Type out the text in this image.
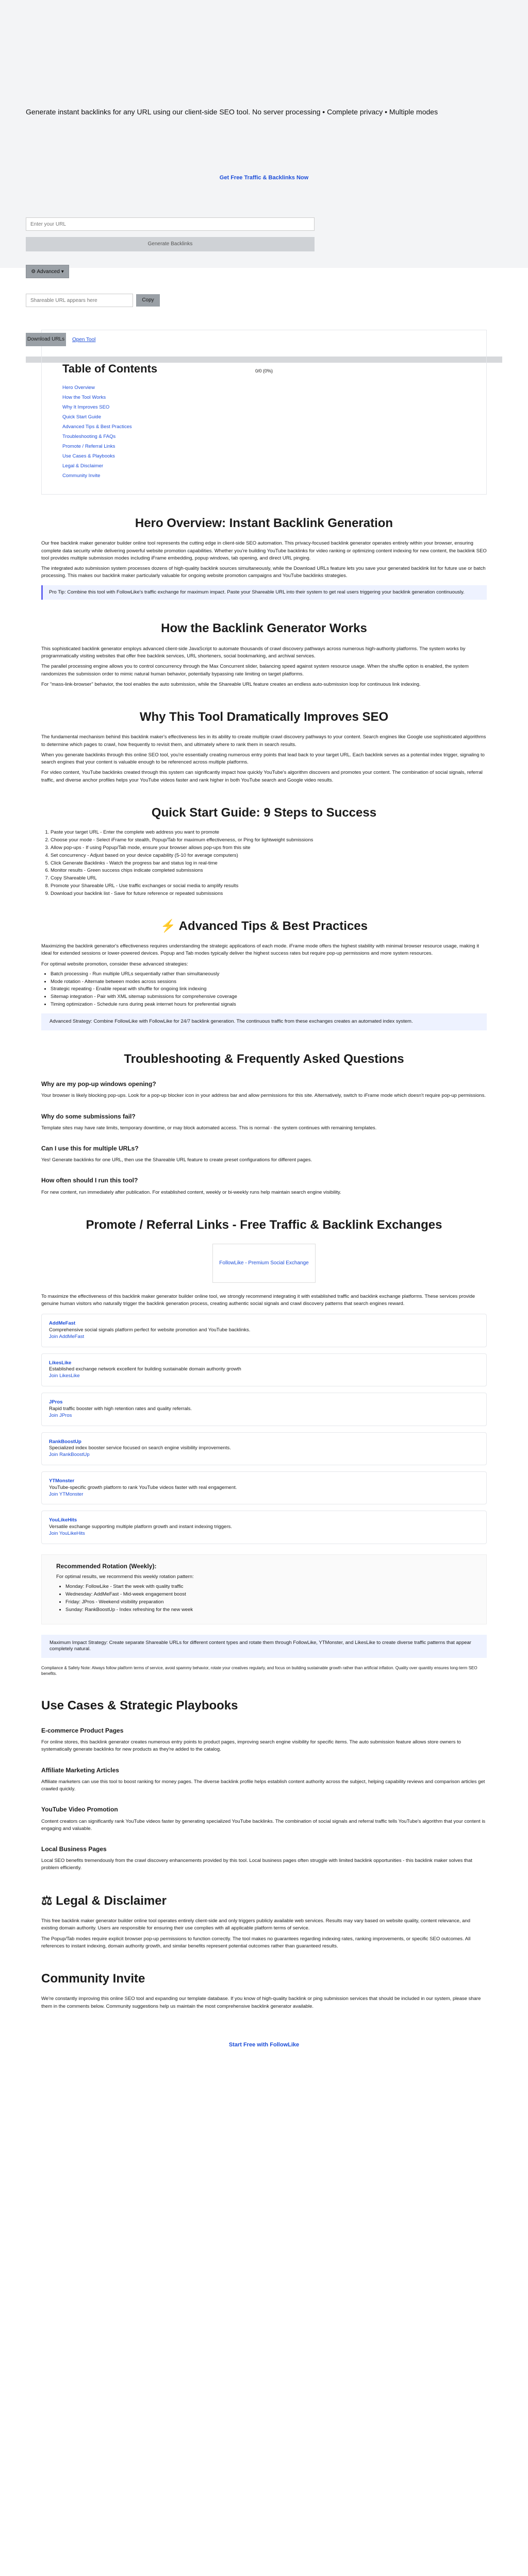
Generate instant backlinks for any URL using our client-side SEO tool. No server processing • Complete privacy • Multiple modes
Get Free Traffic & Backlinks Now
Enter your URL
Generate Backlinks
⚙ Advanced ▾
Shareable URL appears here
Copy
Download URLs Open Tool
0/0 (0%)
Table of Contents
Hero Overview
How the Tool Works
Why It Improves SEO
Quick Start Guide
Advanced Tips & Best Practices
Troubleshooting & FAQs
Promote / Referral Links
Use Cases & Playbooks
Legal & Disclaimer
Community Invite
Hero Overview: Instant Backlink Generation

Our free backlink maker generator builder online tool represents the cutting edge in client-side SEO automation. This privacy-focused backlink generator operates entirely within your browser, ensuring complete data security while delivering powerful website promotion capabilities. Whether you're building YouTube backlinks for video ranking or optimizing content indexing for new content, the backlink SEO tool provides multiple submission modes including iFrame embedding, popup windows, tab opening, and direct URL pinging.

The integrated auto submission system processes dozens of high-quality backlink sources simultaneously, while the Download URLs feature lets you save your generated backlink list for future use or batch processing. This makes our backlink maker particularly valuable for ongoing website promotion campaigns and YouTube backlinks strategies.

Pro Tip: Combine this tool with FollowLike's traffic exchange for maximum impact. Paste your Shareable URL into their system to get real users triggering your backlink generation continuously.
How the Backlink Generator Works

This sophisticated backlink generator employs advanced client-side JavaScript to automate thousands of crawl discovery pathways across numerous high-authority platforms. The system works by programmatically visiting websites that offer free backlink services, URL shorteners, social bookmarking, and archival services.

The parallel processing engine allows you to control concurrency through the Max Concurrent slider, balancing speed against system resource usage. When the shuffle option is enabled, the system randomizes the submission order to mimic natural human behavior, potentially bypassing rate limiting on target platforms.

For "mass-link-browser" behavior, the tool enables the auto submission, while the Shareable URL feature creates an endless auto-submission loop for continuous link indexing.

Why This Tool Dramatically Improves SEO

The fundamental mechanism behind this backlink maker's effectiveness lies in its ability to create multiple crawl discovery pathways to your content. Search engines like Google use sophisticated algorithms to determine which pages to crawl, how frequently to revisit them, and ultimately where to rank them in search results.

When you generate backlinks through this online SEO tool, you're essentially creating numerous entry points that lead back to your target URL. Each backlink serves as a potential index trigger, signaling to search engines that your content is valuable enough to be referenced across multiple platforms.

For video content, YouTube backlinks created through this system can significantly impact how quickly YouTube's algorithm discovers and promotes your content. The combination of social signals, referral traffic, and diverse anchor profiles helps your YouTube videos faster and rank higher in both YouTube search and Google video results.

Quick Start Guide: 9 Steps to Success
1. Paste your target URL - Enter the complete web address you want to promote
2. Choose your mode - Select iFrame for stealth, Popup/Tab for maximum effectiveness, or Ping for lightweight submissions
3. Allow pop-ups - If using Popup/Tab mode, ensure your browser allows pop-ups from this site
4. Set concurrency - Adjust based on your device capability (5-10 for average computers)
5. Click Generate Backlinks - Watch the progress bar and status log in real-time
6. Monitor results - Green success chips indicate completed submissions
7. Copy Shareable URL
8. Promote your Shareable URL - Use traffic exchanges or social media to amplify results
9. Download your backlink list - Save for future reference or repeated submissions
⚡ Advanced Tips & Best Practices

Maximizing the backlink generator's effectiveness requires understanding the strategic applications of each mode. iFrame mode offers the highest stability with minimal browser resource usage, making it ideal for extended sessions or lower-powered devices. Popup and Tab modes typically deliver the highest success rates but require pop-up permissions and more system resources.

For optimal website promotion, consider these advanced strategies:

• Batch processing - Run multiple URLs sequentially rather than simultaneously
• Mode rotation - Alternate between modes across sessions
• Strategic repeating - Enable repeat with shuffle for ongoing link indexing
• Sitemap integration - Pair with XML sitemap submissions for comprehensive coverage
• Timing optimization - Schedule runs during peak internet hours for preferential signals
Advanced Strategy: Combine FollowLike with FollowLike for 24/7 backlink generation. The continuous traffic from these exchanges creates an automated index system.
Troubleshooting & Frequently Asked Questions
Why are my pop-up windows opening?

Your browser is likely blocking pop-ups. Look for a pop-up blocker icon in your address bar and allow permissions for this site. Alternatively, switch to iFrame mode which doesn't require pop-up permissions.

Why do some submissions fail?

Template sites may have rate limits, temporary downtime, or may block automated access. This is normal - the system continues with remaining templates.

Can I use this for multiple URLs?

Yes! Generate backlinks for one URL, then use the Shareable URL feature to create preset configurations for different pages.

How often should I run this tool?

For new content, run immediately after publication. For established content, weekly or bi-weekly runs help maintain search engine visibility.

Promote / Referral Links - Free Traffic & Backlink Exchanges
FollowLike - Premium Social Exchange

To maximize the effectiveness of this backlink maker generator builder online tool, we strongly recommend integrating it with established traffic and backlink exchange platforms. These services provide genuine human visitors who naturally trigger the backlink generation process, creating authentic social signals and crawl discovery patterns that search engines reward.

AddMeFast
Comprehensive social signals platform perfect for website promotion and YouTube backlinks.
Join AddMeFast
LikesLike
Established exchange network excellent for building sustainable domain authority growth
Join LikesLike
JPros
Rapid traffic booster with high retention rates and quality referrals.
Join JPros
RankBoostUp
Specialized index booster service focused on search engine visibility improvements.
Join RankBoostUp
YTMonster
YouTube-specific growth platform to rank YouTube videos faster with real engagement.
Join YTMonster
YouLikeHits
Versatile exchange supporting multiple platform growth and instant indexing triggers.
Join YouLikeHits
Recommended Rotation (Weekly):

For optimal results, we recommend this weekly rotation pattern:

• Monday: FollowLike - Start the week with quality traffic
• Wednesday: AddMeFast - Mid-week engagement boost
• Friday: JPros - Weekend visibility preparation
• Sunday: RankBoostUp - Index refreshing for the new week
Maximum Impact Strategy: Create separate Shareable URLs for different content types and rotate them through FollowLike, YTMonster, and LikesLike to create diverse traffic patterns that appear completely natural.

Compliance & Safety Note: Always follow platform terms of service, avoid spammy behavior, rotate your creatives regularly, and focus on building sustainable growth rather than artificial inflation. Quality over quantity ensures long-term SEO benefits.

Use Cases & Strategic Playbooks
E-commerce Product Pages

For online stores, this backlink generator creates numerous entry points to product pages, improving search engine visibility for specific items. The auto submission feature allows store owners to systematically generate backlinks for new products as they're added to the catalog.

Affiliate Marketing Articles

Affiliate marketers can use this tool to boost ranking for money pages. The diverse backlink profile helps establish content authority across the subject, helping capability reviews and comparison articles get crawled quickly.

YouTube Video Promotion

Content creators can significantly rank YouTube videos faster by generating specialized YouTube backlinks. The combination of social signals and referral traffic tells YouTube's algorithm that your content is engaging and valuable.

Local Business Pages

Local SEO benefits tremendously from the crawl discovery enhancements provided by this tool. Local business pages often struggle with limited backlink opportunities - this backlink maker solves that problem efficiently.

⚖ Legal & Disclaimer

This free backlink maker generator builder online tool operates entirely client-side and only triggers publicly available web services. Results may vary based on website quality, content relevance, and existing domain authority. Users are responsible for ensuring their use complies with all applicable platform terms of service.

The Popup/Tab modes require explicit browser pop-up permissions to function correctly. The tool makes no guarantees regarding indexing rates, ranking improvements, or specific SEO outcomes. All references to instant indexing, domain authority growth, and similar benefits represent potential outcomes rather than guaranteed results.

Community Invite

We're constantly improving this online SEO tool and expanding our template database. If you know of high-quality backlink or ping submission services that should be included in our system, please share them in the comments below. Community suggestions help us maintain the most comprehensive backlink generator available.

Start Free with FollowLike
